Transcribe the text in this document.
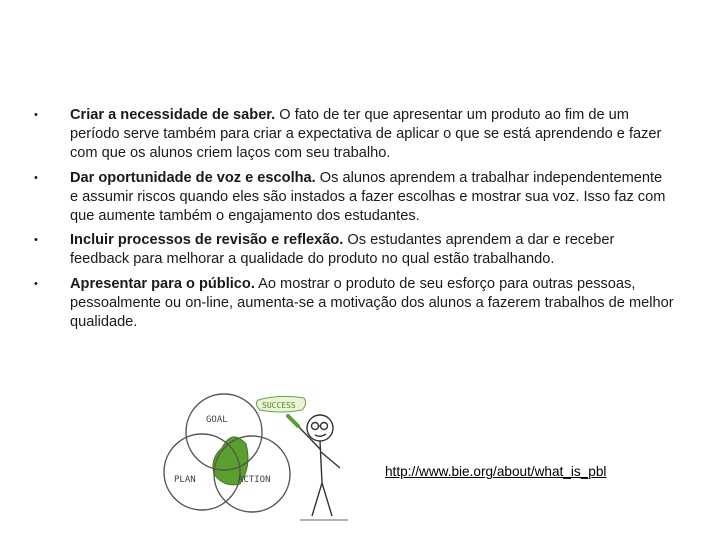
• Criar a necessidade de saber. O fato de ter que apresentar um produto ao fim de um período serve também para criar a expectativa de aplicar o que se está aprendendo e fazer com que os alunos criem laços com seu trabalho.
• Dar oportunidade de voz e escolha. Os alunos aprendem a trabalhar independentemente e assumir riscos quando eles são instados a fazer escolhas e mostrar sua voz. Isso faz com que aumente também o engajamento dos estudantes.
• Incluir processos de revisão e reflexão. Os estudantes aprendem a dar e receber feedback para melhorar a qualidade do produto no qual estão trabalhando.
• Apresentar para o público. Ao mostrar o produto de seu esforço para outras pessoas, pessoalmente ou on-line, aumenta-se a motivação dos alunos a fazerem trabalhos de melhor qualidade.
GOAL
PLAN	ACTION
SUCCESS
http://www.bie.org/about/what_is_pbl
